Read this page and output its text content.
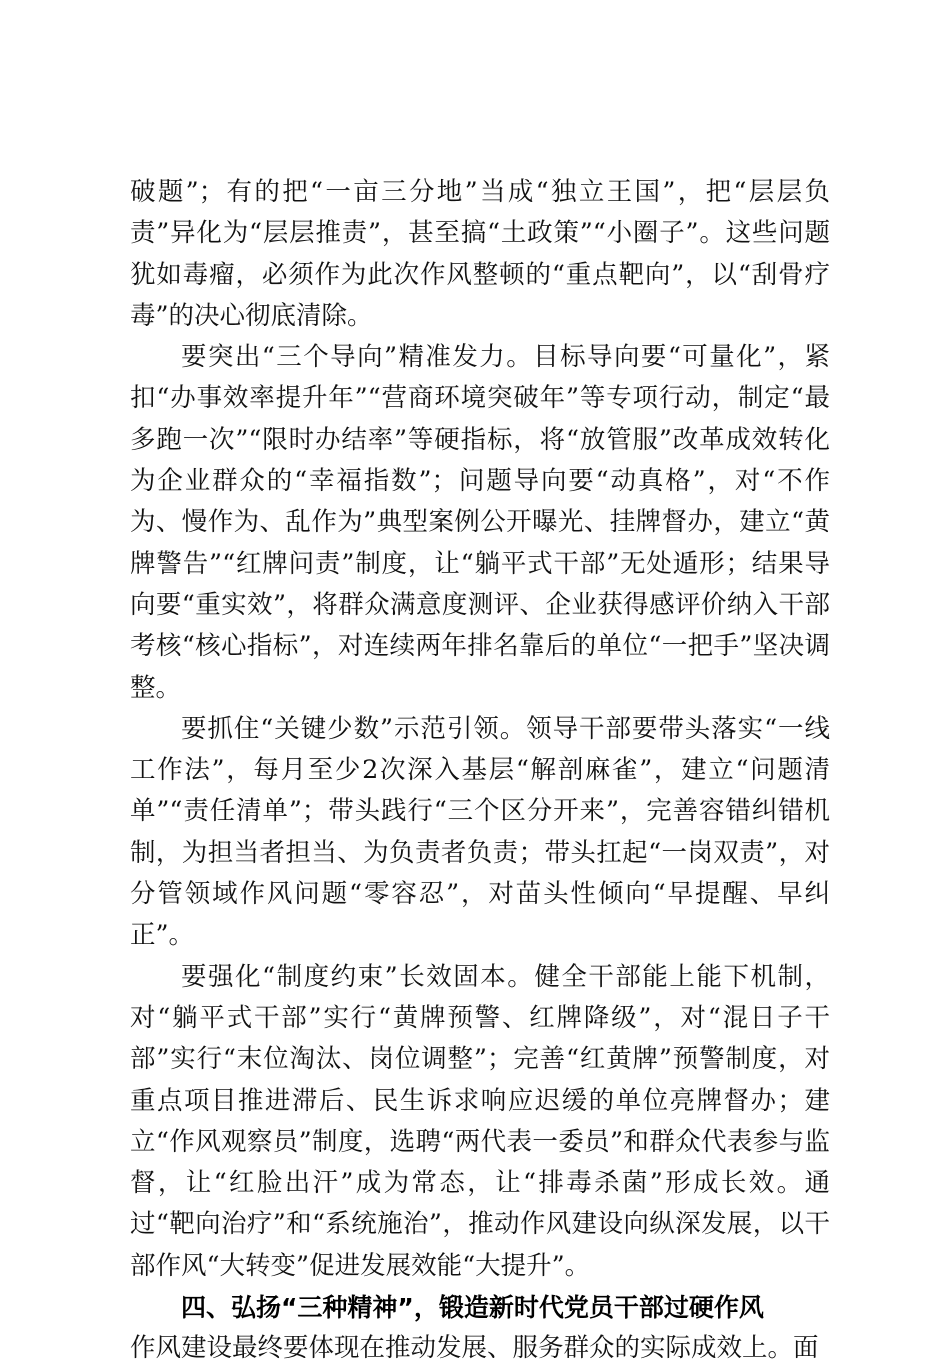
破题”；有的把“一亩三分地”当成“独立王国”，把“层层负责”异化为“层层推责”，甚至搞“土政策”“小圈子”。这些问题犹如毒瘤，必须作为此次作风整顿的“重点靶向”，以“刮骨疗毒”的决心彻底清除。

要突出“三个导向”精准发力。目标导向要“可量化”，紧扣“办事效率提升年”“营商环境突破年”等专项行动，制定“最多跑一次”“限时办结率”等硬指标，将“放管服”改革成效转化为企业群众的“幸福指数”；问题导向要“动真格”，对“不作为、慢作为、乱作为”典型案例公开曝光、挂牌督办，建立“黄牌警告”“红牌问责”制度，让“躺平式干部”无处遁形；结果导向要“重实效”，将群众满意度测评、企业获得感评价纳入干部考核“核心指标”，对连续两年排名靠后的单位“一把手”坚决调整。

要抓住“关键少数”示范引领。领导干部要带头落实“一线工作法”，每月至少2次深入基层“解剖麻雀”，建立“问题清单”“责任清单”；带头践行“三个区分开来”，完善容错纠错机制，为担当者担当、为负责者负责；带头扛起“一岗双责”，对分管领域作风问题“零容忍”，对苗头性倾向“早提醒、早纠正”。

要强化“制度约束”长效固本。健全干部能上能下机制，对“躺平式干部”实行“黄牌预警、红牌降级”，对“混日子干部”实行“末位淘汰、岗位调整”；完善“红黄牌”预警制度，对重点项目推进滞后、民生诉求响应迟缓的单位亮牌督办；建立“作风观察员”制度，选聘“两代表一委员”和群众代表参与监督，让“红脸出汗”成为常态，让“排毒杀菌”形成长效。通过“靶向治疗”和“系统施治”，推动作风建设向纵深发展，以干部作风“大转变”促进发展效能“大提升”。

四、弘扬“三种精神”，锻造新时代党员干部过硬作风

作风建设最终要体现在推动发展、服务群众的实际成效上。面
